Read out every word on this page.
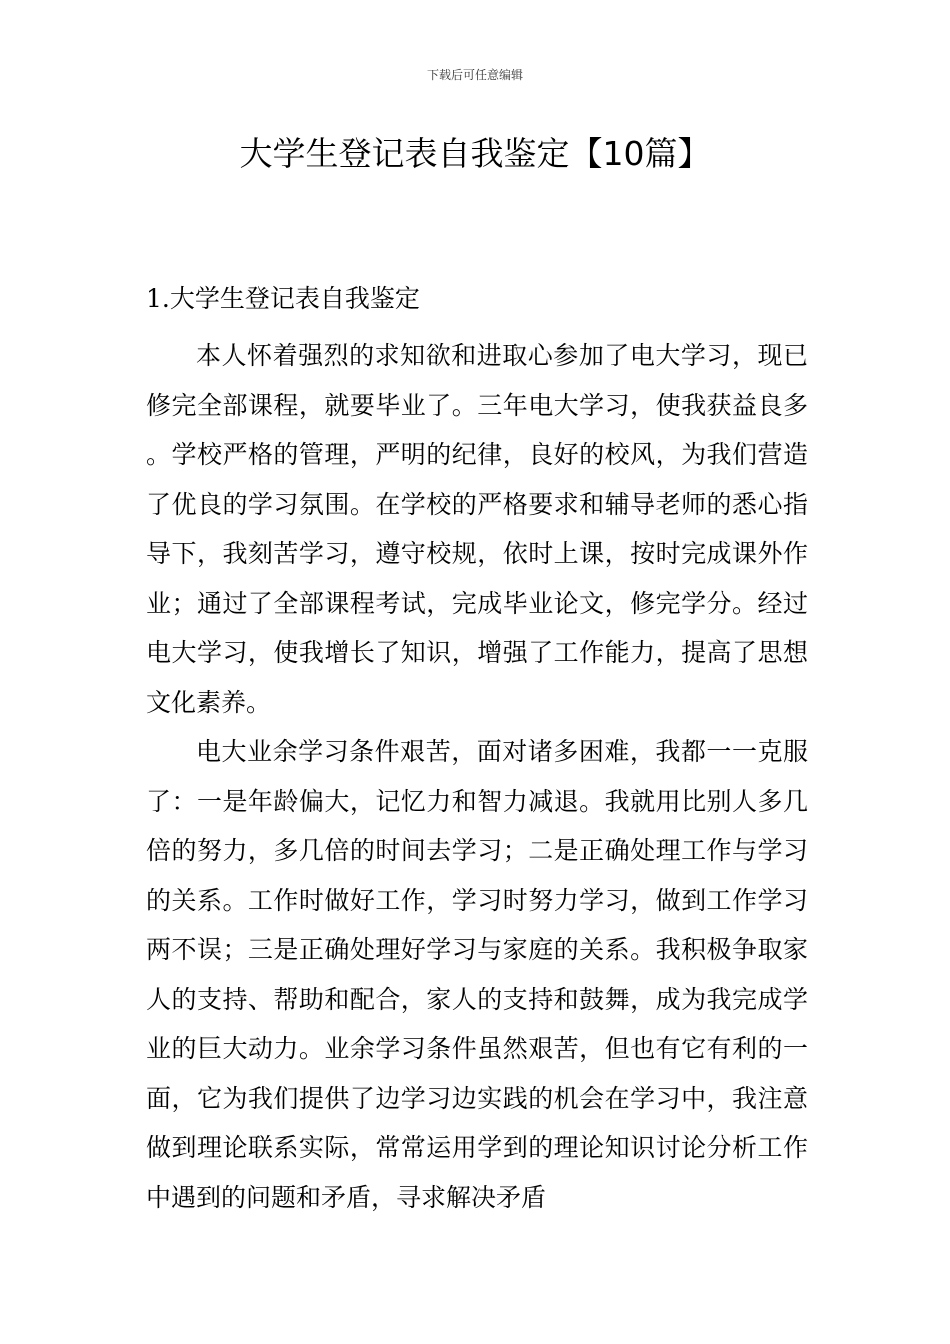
下载后可任意编辑
大学生登记表自我鉴定【10篇】
1.大学生登记表自我鉴定

本人怀着强烈的求知欲和进取心参加了电大学习，现已修完全部课程，就要毕业了。三年电大学习，使我获益良多。学校严格的管理，严明的纪律，良好的校风，为我们营造了优良的学习氛围。在学校的严格要求和辅导老师的悉心指导下，我刻苦学习，遵守校规，依时上课，按时完成课外作业；通过了全部课程考试，完成毕业论文，修完学分。经过电大学习，使我增长了知识，增强了工作能力，提高了思想文化素养。

电大业余学习条件艰苦，面对诸多困难，我都一一克服了：一是年龄偏大，记忆力和智力减退。我就用比别人多几倍的努力，多几倍的时间去学习；二是正确处理工作与学习的关系。工作时做好工作，学习时努力学习，做到工作学习两不误；三是正确处理好学习与家庭的关系。我积极争取家人的支持、帮助和配合，家人的支持和鼓舞，成为我完成学业的巨大动力。业余学习条件虽然艰苦，但也有它有利的一面，它为我们提供了边学习边实践的机会在学习中，我注意做到理论联系实际，常常运用学到的理论知识讨论分析工作中遇到的问题和矛盾，寻求解决矛盾
